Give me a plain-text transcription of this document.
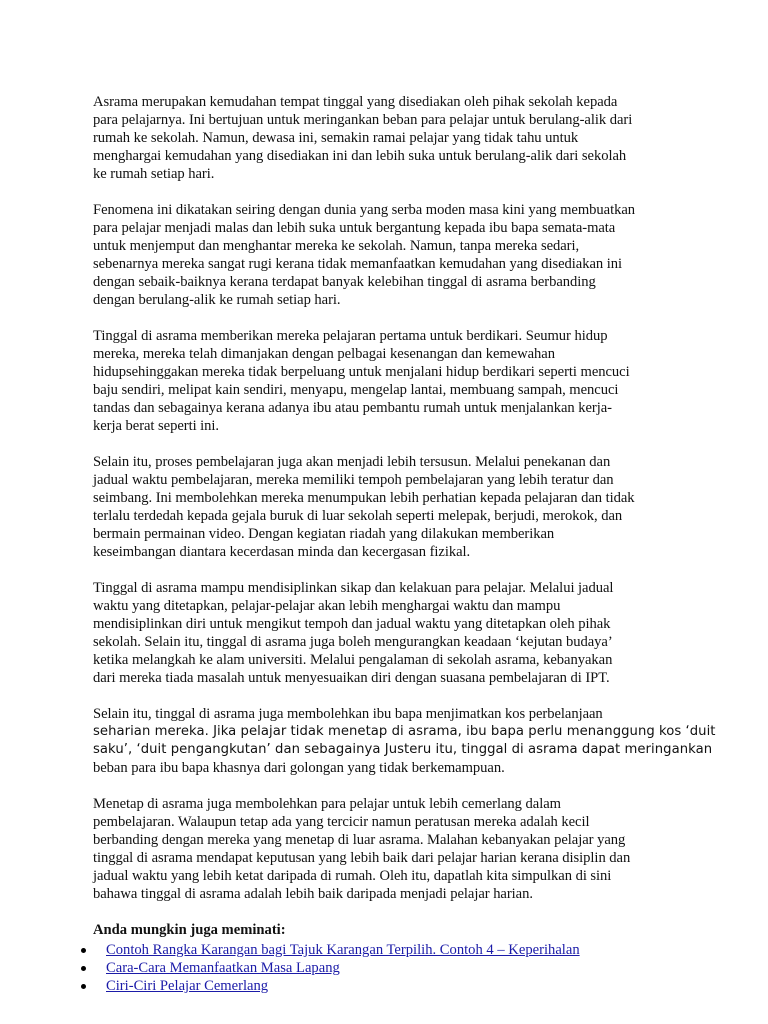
Asrama merupakan kemudahan tempat tinggal yang disediakan oleh pihak sekolah kepada
para pelajarnya. Ini bertujuan untuk meringankan beban para pelajar untuk berulang-alik dari
rumah ke sekolah. Namun, dewasa ini, semakin ramai pelajar yang tidak tahu untuk
menghargai kemudahan yang disediakan ini dan lebih suka untuk berulang-alik dari sekolah
ke rumah setiap hari.

Fenomena ini dikatakan seiring dengan dunia yang serba moden masa kini yang membuatkan
para pelajar menjadi malas dan lebih suka untuk bergantung kepada ibu bapa semata-mata
untuk menjemput dan menghantar mereka ke sekolah. Namun, tanpa mereka sedari,
sebenarnya mereka sangat rugi kerana tidak memanfaatkan kemudahan yang disediakan ini
dengan sebaik-baiknya kerana terdapat banyak kelebihan tinggal di asrama berbanding
dengan berulang-alik ke rumah setiap hari.

Tinggal di asrama memberikan mereka pelajaran pertama untuk berdikari. Seumur hidup
mereka, mereka telah dimanjakan dengan pelbagai kesenangan dan kemewahan
hidupsehinggakan mereka tidak berpeluang untuk menjalani hidup berdikari seperti mencuci
baju sendiri, melipat kain sendiri, menyapu, mengelap lantai, membuang sampah, mencuci
tandas dan sebagainya kerana adanya ibu atau pembantu rumah untuk menjalankan kerja-
kerja berat seperti ini.

Selain itu, proses pembelajaran juga akan menjadi lebih tersusun. Melalui penekanan dan
jadual waktu pembelajaran, mereka memiliki tempoh pembelajaran yang lebih teratur dan
seimbang. Ini membolehkan mereka menumpukan lebih perhatian kepada pelajaran dan tidak
terlalu terdedah kepada gejala buruk di luar sekolah seperti melepak, berjudi, merokok, dan
bermain permainan video. Dengan kegiatan riadah yang dilakukan memberikan
keseimbangan diantara kecerdasan minda dan kecergasan fizikal.

Tinggal di asrama mampu mendisiplinkan sikap dan kelakuan para pelajar. Melalui jadual
waktu yang ditetapkan, pelajar-pelajar akan lebih menghargai waktu dan mampu
mendisiplinkan diri untuk mengikut tempoh dan jadual waktu yang ditetapkan oleh pihak
sekolah. Selain itu, tinggal di asrama juga boleh mengurangkan keadaan ‘kejutan budaya’
ketika melangkah ke alam universiti. Melalui pengalaman di sekolah asrama, kebanyakan
dari mereka tiada masalah untuk menyesuaikan diri dengan suasana pembelajaran di IPT.

Selain itu, tinggal di asrama juga membolehkan ibu bapa menjimatkan kos perbelanjaan
seharian mereka. Jika pelajar tidak menetap di asrama, ibu bapa perlu menanggung kos ‘duit
saku’, ‘duit pengangkutan’ dan sebagainya Justeru itu, tinggal di asrama dapat meringankan
beban para ibu bapa khasnya dari golongan yang tidak berkemampuan.

Menetap di asrama juga membolehkan para pelajar untuk lebih cemerlang dalam
pembelajaran. Walaupun tetap ada yang tercicir namun peratusan mereka adalah kecil
berbanding dengan mereka yang menetap di luar asrama. Malahan kebanyakan pelajar yang
tinggal di asrama mendapat keputusan yang lebih baik dari pelajar harian kerana disiplin dan
jadual waktu yang lebih ketat daripada di rumah. Oleh itu, dapatlah kita simpulkan di sini
bahawa tinggal di asrama adalah lebih baik daripada menjadi pelajar harian.

Anda mungkin juga meminati:
Contoh Rangka Karangan bagi Tajuk Karangan Terpilih. Contoh 4 – Keperihalan
Cara-Cara Memanfaatkan Masa Lapang
Ciri-Ciri Pelajar Cemerlang
